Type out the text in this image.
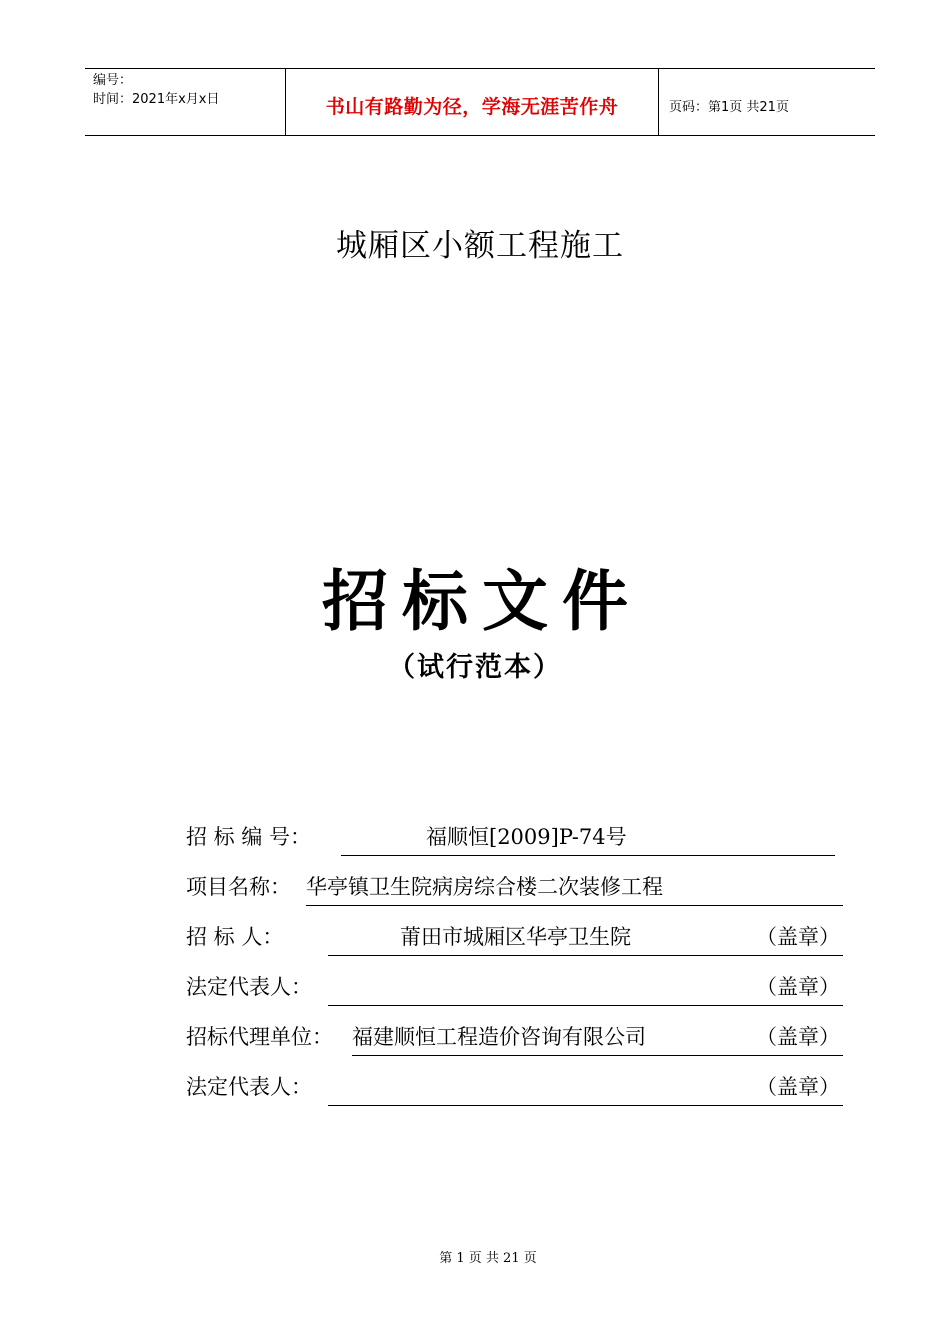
编号：
时间：2021年x月x日	书山有路勤为径，学海无涯苦作舟	页码：第1页 共21页
城厢区小额工程施工
招标文件
（试行范本）
招 标 编 号：	福顺恒[2009]P-74号
项目名称： 华亭镇卫生院病房综合楼二次装修工程
招 标 人：	莆田市城厢区华亭卫生院	（盖章）
法定代表人：	（盖章）
招标代理单位： 福建顺恒工程造价咨询有限公司	（盖章）
法定代表人：	（盖章）
第 1 页 共 21 页
